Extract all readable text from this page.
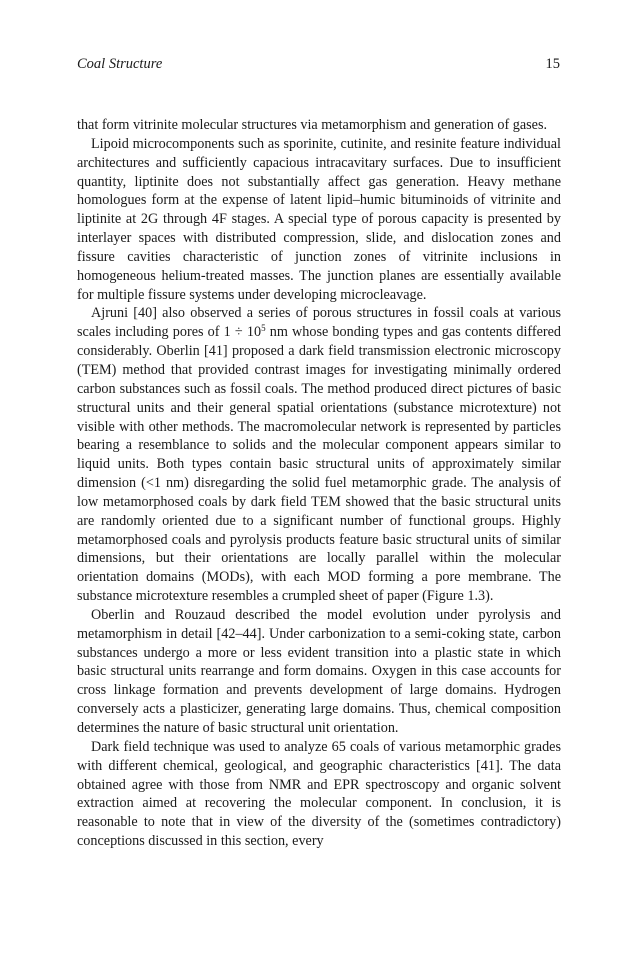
Coal Structure	15

that form vitrinite molecular structures via metamorphism and generation of gases.

Lipoid microcomponents such as sporinite, cutinite, and resinite feature individual architectures and sufficiently capacious intracavitary surfaces. Due to insufficient quantity, liptinite does not substantially affect gas generation. Heavy methane homologues form at the expense of latent lipid–humic bituminoids of vitrinite and liptinite at 2G through 4F stages. A special type of porous capacity is presented by interlayer spaces with distributed compression, slide, and dislocation zones and fissure cavities characteristic of junction zones of vitrinite inclusions in homogeneous helium-treated masses. The junction planes are essentially available for multiple fissure systems under developing microcleavage.

Ajruni [40] also observed a series of porous structures in fossil coals at various scales including pores of $1 \div 10^5$ nm whose bonding types and gas contents differed considerably. Oberlin [41] proposed a dark field transmission electronic microscopy (TEM) method that provided contrast images for investigating minimally ordered carbon substances such as fossil coals. The method produced direct pictures of basic structural units and their general spatial orientations (substance microtexture) not visible with other methods. The macromolecular network is represented by particles bearing a resemblance to solids and the molecular component appears similar to liquid units. Both types contain basic structural units of approximately similar dimension (<1 nm) disregarding the solid fuel metamorphic grade. The analysis of low metamorphosed coals by dark field TEM showed that the basic structural units are randomly oriented due to a significant number of functional groups. Highly metamorphosed coals and pyrolysis products feature basic structural units of similar dimensions, but their orientations are locally parallel within the molecular orientation domains (MODs), with each MOD forming a pore membrane. The substance microtexture resembles a crumpled sheet of paper (Figure 1.3).

Oberlin and Rouzaud described the model evolution under pyrolysis and metamorphism in detail [42–44]. Under carbonization to a semi-coking state, carbon substances undergo a more or less evident transition into a plastic state in which basic structural units rearrange and form domains. Oxygen in this case accounts for cross linkage formation and prevents development of large domains. Hydrogen conversely acts a plasticizer, generating large domains. Thus, chemical composition determines the nature of basic structural unit orientation.

Dark field technique was used to analyze 65 coals of various metamorphic grades with different chemical, geological, and geographic characteristics [41]. The data obtained agree with those from NMR and EPR spectroscopy and organic solvent extraction aimed at recovering the molecular component. In conclusion, it is reasonable to note that in view of the diversity of the (sometimes contradictory) conceptions discussed in this section, every
